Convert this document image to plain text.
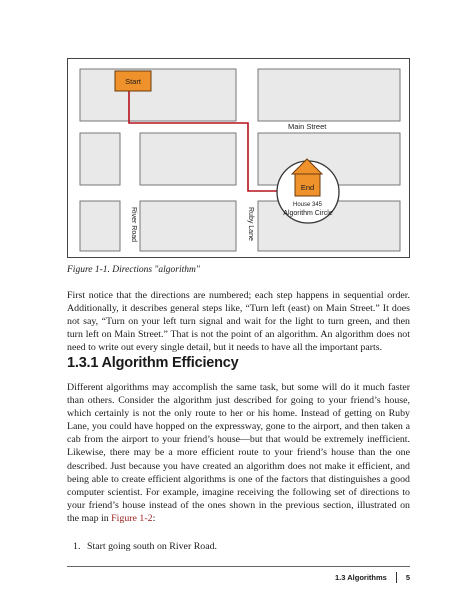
Main Street
River Road	Ruby Lane
Start
End
House 345
Algorithm Circle
Figure 1-1. Directions "algorithm"

First notice that the directions are numbered; each step happens in sequential order. Additionally, it describes general steps like, “Turn left (east) on Main Street.” It does not say, “Turn on your left turn signal and wait for the light to turn green, and then turn left on Main Street.” That is not the point of an algorithm. An algorithm does not need to write out every single detail, but it needs to have all the important parts.

1.3.1 Algorithm Efficiency

Different algorithms may accomplish the same task, but some will do it much faster than others. Consider the algorithm just described for going to your friend’s house, which certainly is not the only route to her or his home. Instead of getting on Ruby Lane, you could have hopped on the expressway, gone to the airport, and then taken a cab from the airport to your friend’s house—but that would be extremely inefficient. Likewise, there may be a more efficient route to your friend’s house than the one described. Just because you have created an algorithm does not make it efficient, and being able to create efficient algorithms is one of the factors that distinguishes a good computer scientist. For example, imagine receiving the following set of directions to your friend’s house instead of the ones shown in the previous section, illustrated on the map in Figure 1-2:

1. Start going south on River Road.
1.3 Algorithms	5
